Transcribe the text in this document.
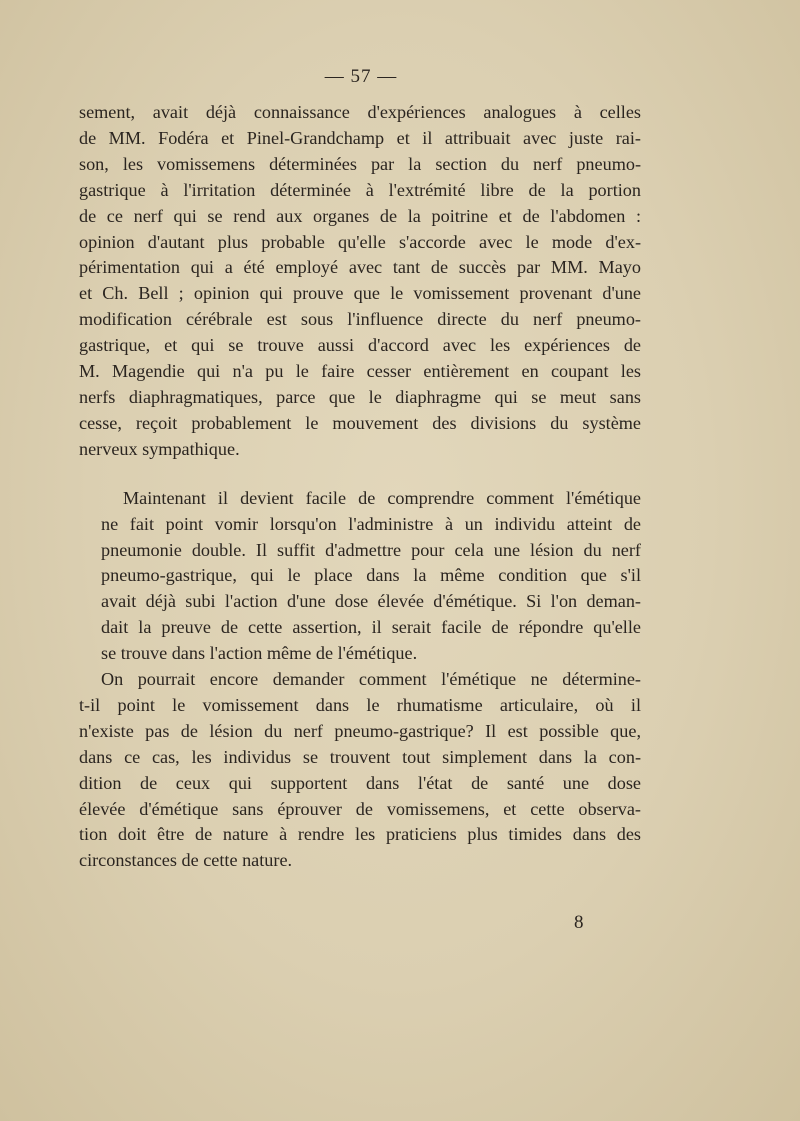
— 57 —

sement, avait déjà connaissance d'expériences analogues à celles
de MM. Fodéra et Pinel-Grandchamp et il attribuait avec juste rai-
son, les vomissemens déterminées par la section du nerf pneumo-
gastrique à l'irritation déterminée à l'extrémité libre de la portion
de ce nerf qui se rend aux organes de la poitrine et de l'abdomen :
opinion d'autant plus probable qu'elle s'accorde avec le mode d'ex-
périmentation qui a été employé avec tant de succès par MM. Mayo
et Ch. Bell ; opinion qui prouve que le vomissement provenant d'une
modification cérébrale est sous l'influence directe du nerf pneumo-
gastrique, et qui se trouve aussi d'accord avec les expériences de
M. Magendie qui n'a pu le faire cesser entièrement en coupant les
nerfs diaphragmatiques, parce que le diaphragme qui se meut sans
cesse, reçoit probablement le mouvement des divisions du système
nerveux sympathique.

Maintenant il devient facile de comprendre comment l'émétique
ne fait point vomir lorsqu'on l'administre à un individu atteint de
pneumonie double. Il suffit d'admettre pour cela une lésion du nerf
pneumo-gastrique, qui le place dans la même condition que s'il
avait déjà subi l'action d'une dose élevée d'émétique. Si l'on deman-
dait la preuve de cette assertion, il serait facile de répondre qu'elle
se trouve dans l'action même de l'émétique.

On pourrait encore demander comment l'émétique ne détermine-
t-il point le vomissement dans le rhumatisme articulaire, où il
n'existe pas de lésion du nerf pneumo-gastrique? Il est possible que,
dans ce cas, les individus se trouvent tout simplement dans la con-
dition de ceux qui supportent dans l'état de santé une dose
élevée d'émétique sans éprouver de vomissemens, et cette observa-
tion doit être de nature à rendre les praticiens plus timides dans des
circonstances de cette nature.

8
